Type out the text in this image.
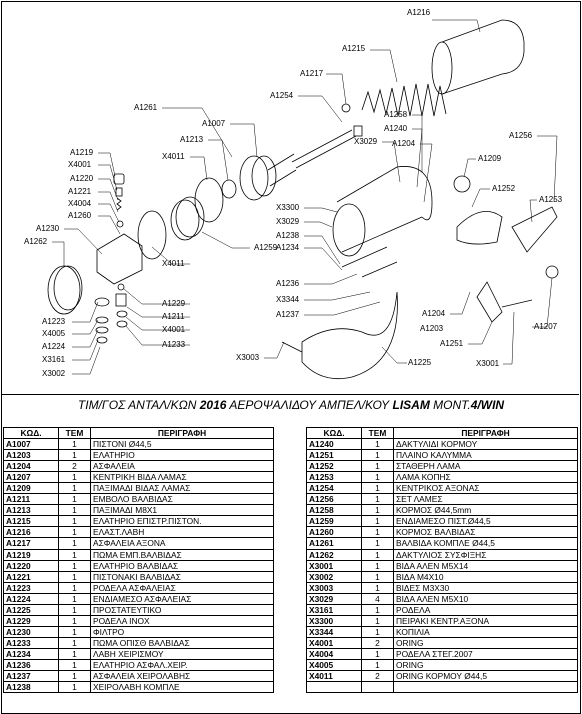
A1216
A1215
A1217
A1254
A1261
A1007
A1213
X4011
A1219
X4001
A1220
A1221
X4004
A1260
A1230
A1262
A1259
A1258
A1240
A1204
X3029
A1256
A1209
A1252
A1253
X3300
X3029
A1238
A1234
A1236
X3344
A1237
X4011
A1229
A1211
X4001
A1233
A1223
X4005
A1224
X3161
X3002
X3003
A1225
A1204
A1203
A1251
X3001
A1207
ΤΙΜ/ΓΟΣ ΑΝΤΑΛ/ΚΩΝ 2016 ΑΕΡΟΨΑΛΙΔΟΥ ΑΜΠΕΛ/ΚΟΥ LISAM MONT.4/WIN
ΚΩΔ.	ΤΕΜ	ΠΕΡΙΓΡΑΦΗ
A1007	1	ΠΙΣΤΟΝΙ Ø44,5
A1203	1	ΕΛΑΤΗΡΙΟ
A1204	2	ΑΣΦΑΛΕΙΑ
A1207	1	ΚΕΝΤΡΙΚΗ ΒΙΔΑ ΛΑΜΑΣ
A1209	1	ΠΑΞΙΜΑΔΙ ΒΙΔΑΣ ΛΑΜΑΣ
A1211	1	ΕΜΒΟΛΟ ΒΑΛΒΙΔΑΣ
A1213	1	ΠΑΞΙΜΑΔΙ M8X1
A1215	1	ΕΛΑΤΗΡΙΟ ΕΠΙΣΤΡ.ΠΙΣΤΟΝ.
A1216	1	ΕΛΑΣΤ.ΛΑΒΗ
A1217	1	ΑΣΦΑΛΕΙΑ ΑΞΟΝΑ
A1219	1	ΠΩΜΑ ΕΜΠ.ΒΑΛΒΙΔΑΣ
A1220	1	ΕΛΑΤΗΡΙΟ ΒΑΛΒΙΔΑΣ
A1221	1	ΠΙΣΤΟΝΑΚΙ ΒΑΛΒΙΔΑΣ
A1223	1	ΡΟΔΕΛΑ ΑΣΦΑΛΕΙΑΣ
A1224	1	ΕΝΔΙΑΜΕΣΟ ΑΣΦΑΛΕΙΑΣ
A1225	1	ΠΡΟΣΤΑΤΕΥΤΙΚΟ
A1229	1	ΡΟΔΕΛΑ INOX
A1230	1	ΦΙΛΤΡΟ
A1233	1	ΠΩΜΑ ΟΠΙΣΘ ΒΑΛΒΙΔΑΣ
A1234	1	ΛΑΒΗ ΧΕΙΡΙΣΜΟΥ
A1236	1	ΕΛΑΤΗΡΙΟ ΑΣΦΑΛ.ΧΕΙΡ.
A1237	1	ΑΣΦΑΛΕΙΑ ΧΕΙΡΟΛΑΒΗΣ
A1238	1	ΧΕΙΡΟΛΑΒΗ ΚΟΜΠΛΕ
ΚΩΔ.	ΤΕΜ	ΠΕΡΙΓΡΑΦΗ
A1240	1	ΔΑΚΤΥΛΙΔΙ ΚΟΡΜΟΥ
A1251	1	ΠΛΑΙΝΟ ΚΑΛΥΜΜΑ
A1252	1	ΣΤΑΘΕΡΗ ΛΑΜΑ
A1253	1	ΛΑΜΑ ΚΟΠΗΣ
A1254	1	ΚΕΝΤΡΙΚΟΣ ΑΞΟΝΑΣ
A1256	1	ΣΕΤ ΛΑΜΕΣ
A1258	1	ΚΟΡΜΟΣ Ø44,5mm
A1259	1	ΕΝΔΙΑΜΕΣΟ ΠΙΣΤ.Ø44,5
A1260	1	ΚΟΡΜΟΣ ΒΑΛΒΙΔΑΣ
A1261	1	ΒΑΛΒΙΔΑ ΚΟΜΠΛΕ Ø44,5
A1262	1	ΔΑΚΤΥΛΙΟΣ ΣΥΣΦΙΞΗΣ
X3001	1	ΒΙΔΑ ΑΛΕΝ M5X14
X3002	1	ΒΙΔΑ M4X10
X3003	1	ΒΙΔΕΣ M3X30
X3029	4	ΒΙΔΑ ΑΛΕΝ M5X10
X3161	1	ΡΟΔΕΛΑ
X3300	1	ΠΕΙΡΑΚΙ ΚΕΝΤΡ.ΑΞΟΝΑ
X3344	1	ΚΟΠΙΛΙΑ
X4001	2	ORING
X4004	1	ΡΟΔΕΛΑ ΣΤΕΓ.2007
X4005	1	ORING
X4011	2	ORING ΚΟΡΜΟΥ Ø44,5
